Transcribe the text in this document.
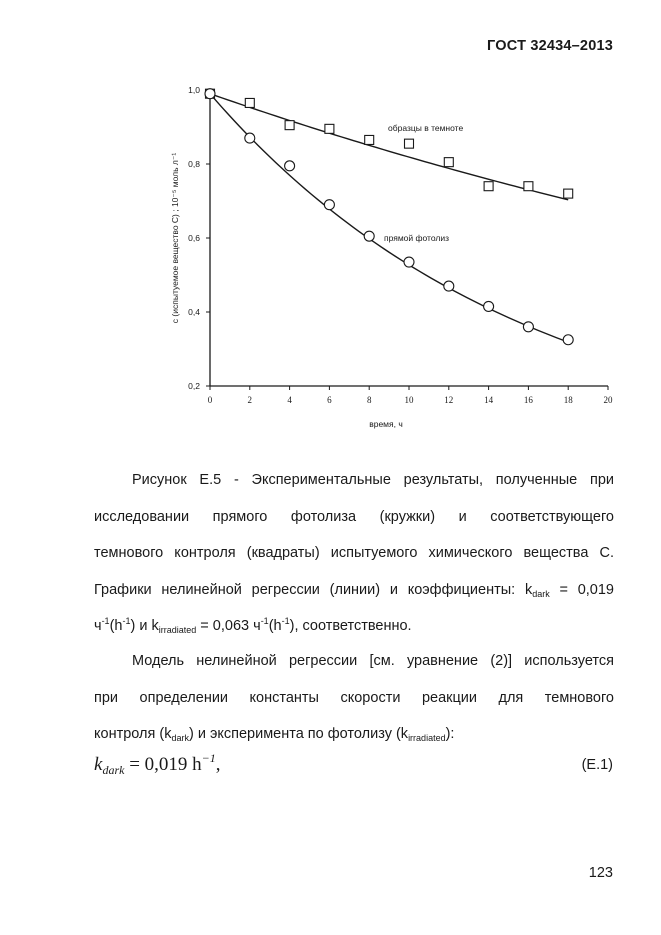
ГОСТ 32434–2013
0	2	4	6	8	10	12	14	16	18	20
0,2
0,4
0,6
0,8
1,0
образцы в темноте
прямой фотолиз
время, ч
c (испытуемое вещество С) ; 10⁻⁵ моль л⁻¹
Рисунок Е.5 - Экспериментальные результаты, полученные при
исследовании прямого фотолиза (кружки) и соответствующего
темнового контроля (квадраты) испытуемого химического вещества С.
Графики нелинейной регрессии (линии) и коэффициенты: $k_{dark} = 0,019$
$ч^{-1}(h^{-1})$ и $k_{irradiated} = 0,063$ $ч^{-1}(h^{-1})$, соответственно.
Модель нелинейной регрессии [см. уравнение (2)] используется
при определении константы скорости реакции для темнового
контроля $(k_{dark})$ и эксперимента по фотолизу $(k_{irradiated})$:
$k_{dark} = 0,019$ $h^{-1}$,	(Е.1)
123
